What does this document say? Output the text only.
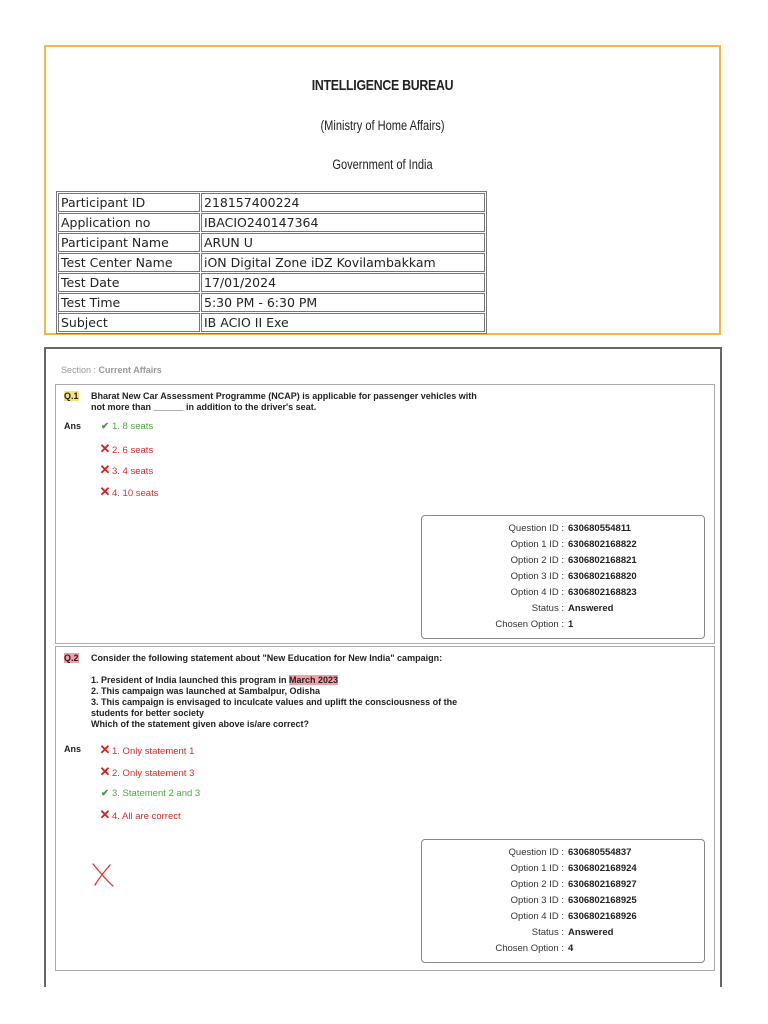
INTELLIGENCE BUREAU
(Ministry of Home Affairs)
Government of India
Participant ID	218157400224
Application no	IBACIO240147364
Participant Name	ARUN U
Test Center Name	iON Digital Zone iDZ Kovilambakkam
Test Date	17/01/2024
Test Time	5:30 PM - 6:30 PM
Subject	IB ACIO II Exe
Section : Current Affairs
Q.1 Bharat New Car Assessment Programme (NCAP) is applicable for passenger vehicles with
not more than ______ in addition to the driver's seat.
Ans	✔ 1. 8 seats
✕ 2. 6 seats
✕ 3. 4 seats
✕ 4. 10 seats
Question ID : 630680554811
Option 1 ID : 6306802168822
Option 2 ID : 6306802168821
Option 3 ID : 6306802168820
Option 4 ID : 6306802168823
Status : Answered
Chosen Option : 1
Q.2 Consider the following statement about "New Education for New India" campaign:
1. President of India launched this program in March 2023
2. This campaign was launched at Sambalpur, Odisha
3. This campaign is envisaged to inculcate values and uplift the consciousness of the
students for better society
Which of the statement given above is/are correct?
Ans ✕ 1. Only statement 1
✕ 2. Only statement 3
✔ 3. Statement 2 and 3
✕ 4. All are correct
Question ID : 630680554837
Option 1 ID : 6306802168924
Option 2 ID : 6306802168927
Option 3 ID : 6306802168925
Option 4 ID : 6306802168926
Status : Answered
Chosen Option : 4
